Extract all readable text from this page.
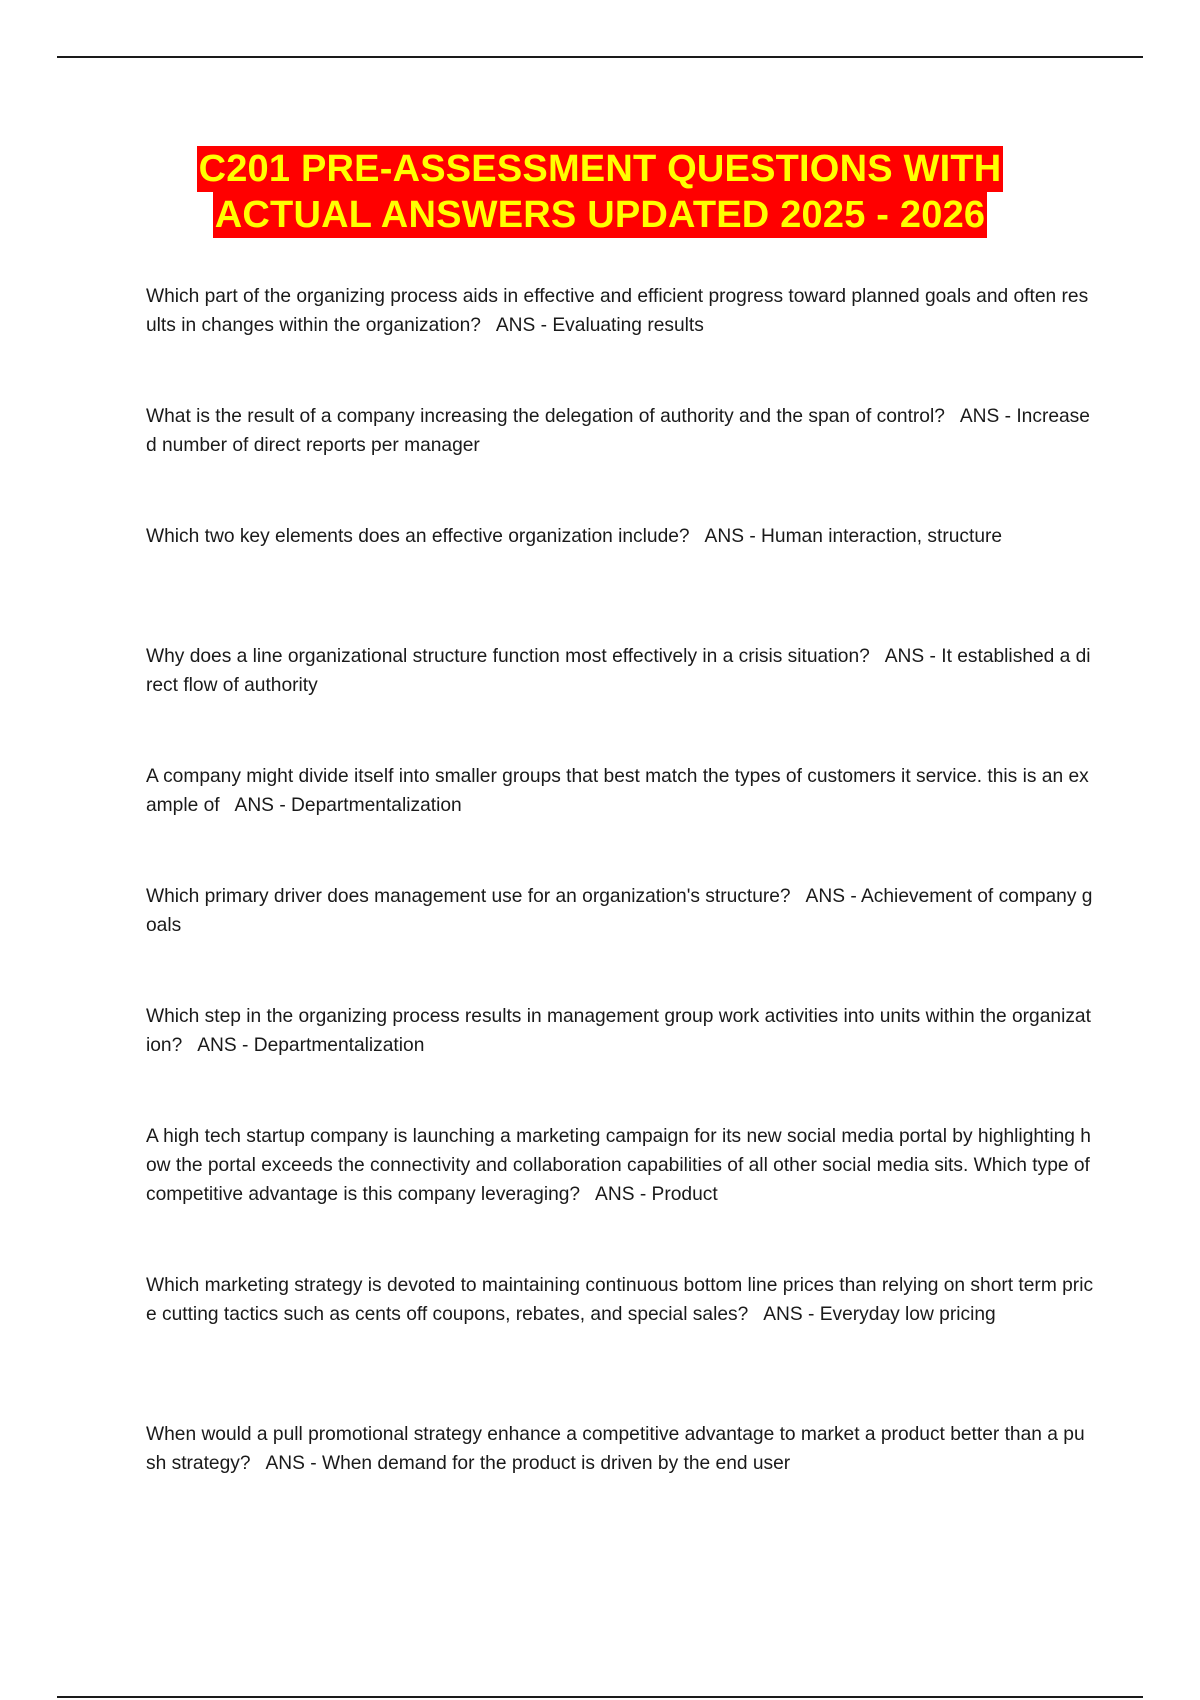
C201 PRE-ASSESSMENT QUESTIONS WITH
ACTUAL ANSWERS UPDATED 2025 - 2026
Which part of the organizing process aids in effective and efficient progress toward planned goals and often results in changes within the organization? ANS - Evaluating results
What is the result of a company increasing the delegation of authority and the span of control? ANS - Increased number of direct reports per manager
Which two key elements does an effective organization include? ANS - Human interaction, structure
Why does a line organizational structure function most effectively in a crisis situation? ANS - It established a direct flow of authority
A company might divide itself into smaller groups that best match the types of customers it service. this is an example of ANS - Departmentalization
Which primary driver does management use for an organization's structure? ANS - Achievement of company goals
Which step in the organizing process results in management group work activities into units within the organization? ANS - Departmentalization
A high tech startup company is launching a marketing campaign for its new social media portal by highlighting how the portal exceeds the connectivity and collaboration capabilities of all other social media sits. Which type of competitive advantage is this company leveraging? ANS - Product
Which marketing strategy is devoted to maintaining continuous bottom line prices than relying on short term price cutting tactics such as cents off coupons, rebates, and special sales? ANS - Everyday low pricing
When would a pull promotional strategy enhance a competitive advantage to market a product better than a push strategy? ANS - When demand for the product is driven by the end user
